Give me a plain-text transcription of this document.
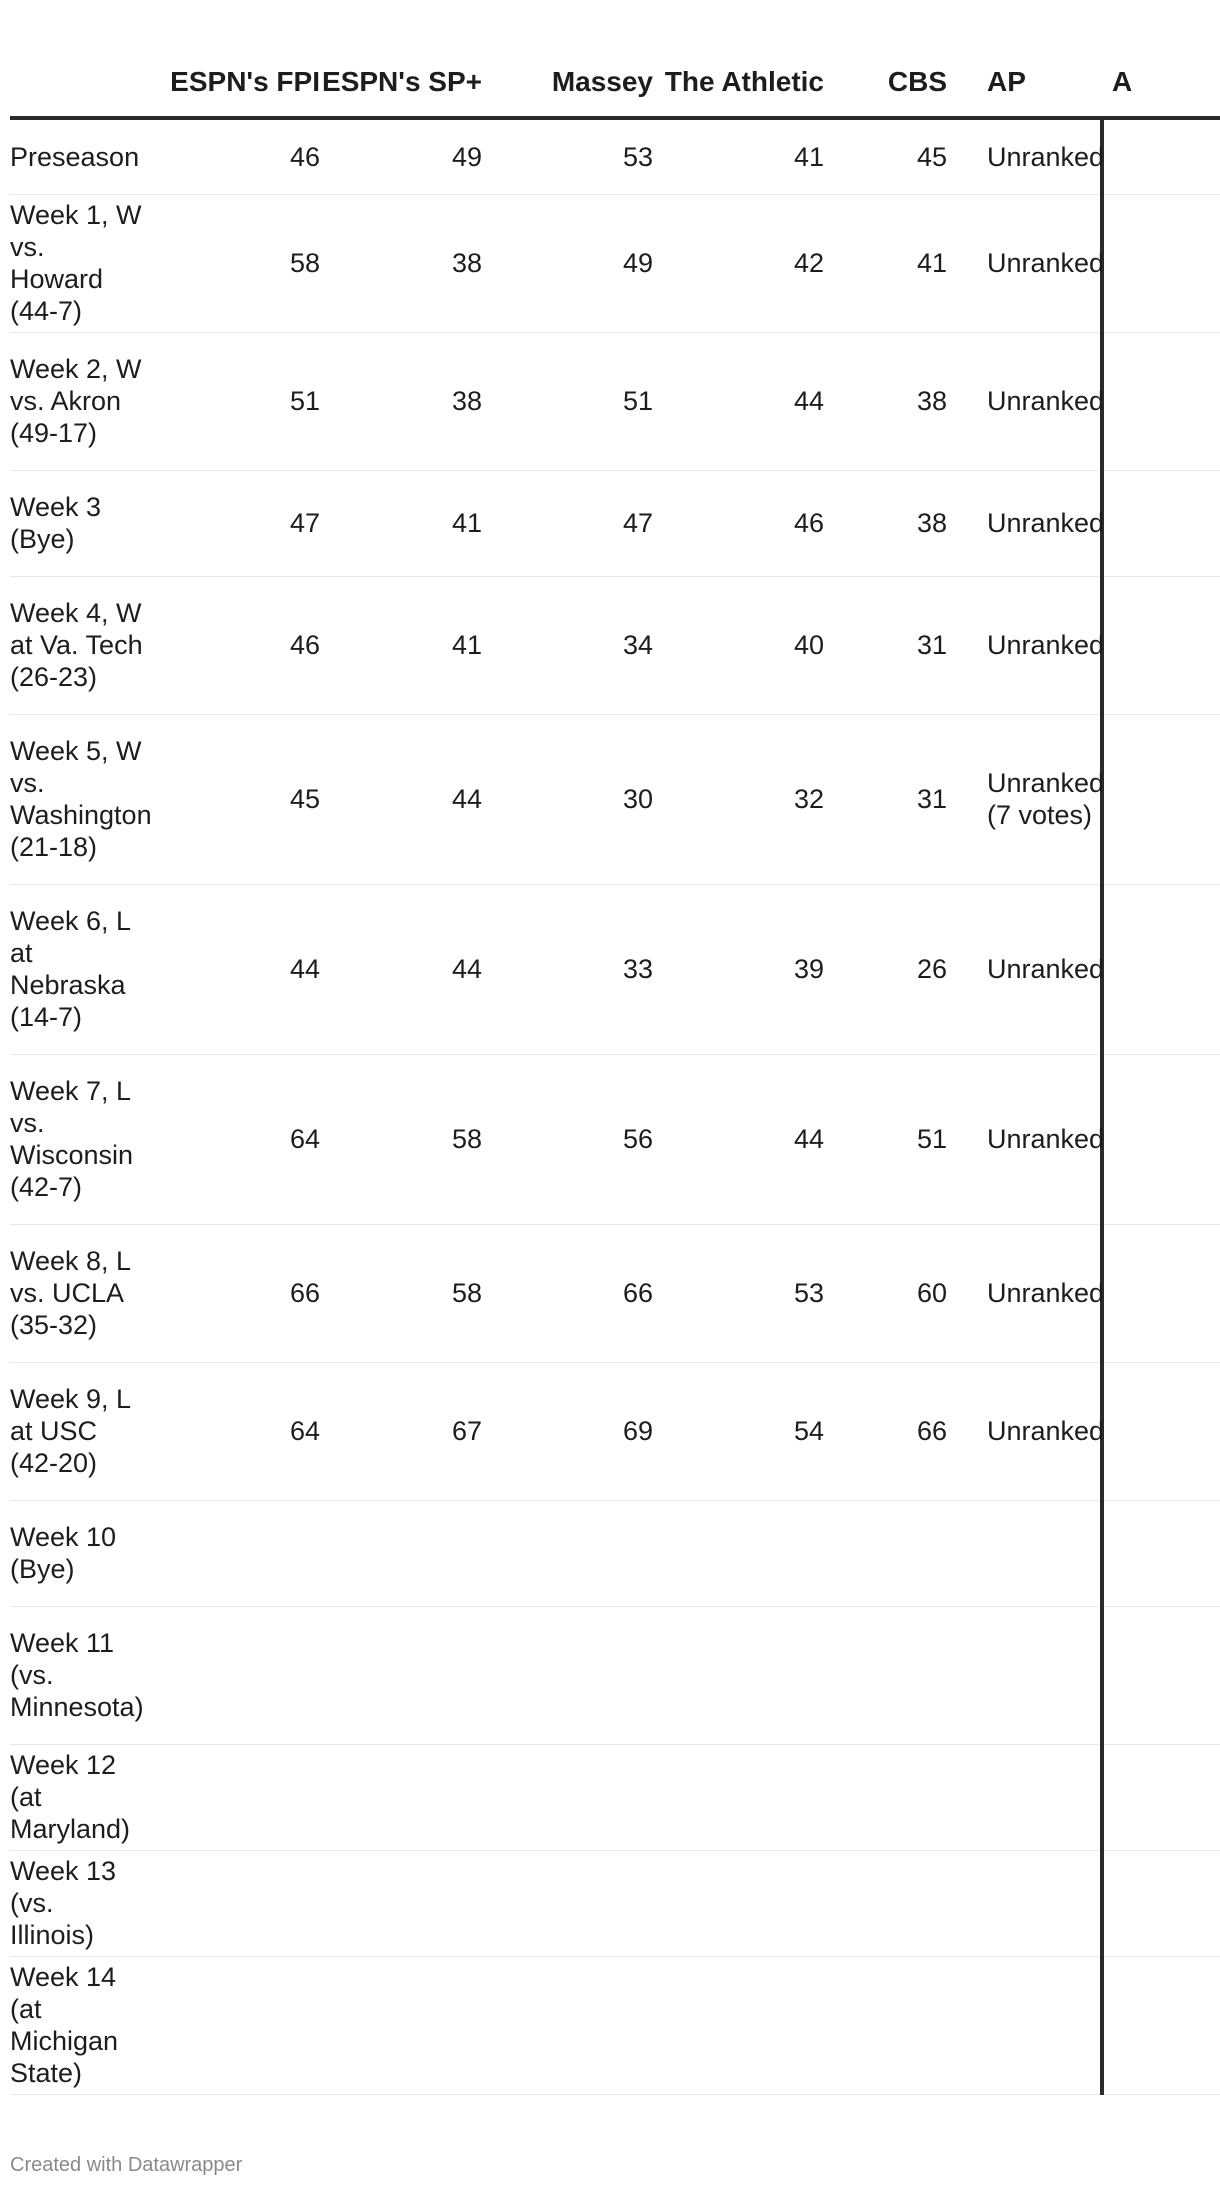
	ESPN's FPI	ESPN's SP+	Massey	The Athletic	CBS	AP	A
Preseason	46	49	53	41	45	Unranked	
Week 1, W vs. Howard (44-7)	58	38	49	42	41	Unranked	
Week 2, W vs. Akron (49-17)	51	38	51	44	38	Unranked	
Week 3 (Bye)	47	41	47	46	38	Unranked	
Week 4, W at Va. Tech (26-23)	46	41	34	40	31	Unranked	
Week 5, W vs. Washington (21-18)	45	44	30	32	31	Unranked (7 votes)	
Week 6, L at Nebraska (14-7)	44	44	33	39	26	Unranked	
Week 7, L vs. Wisconsin (42-7)	64	58	56	44	51	Unranked	
Week 8, L vs. UCLA (35-32)	66	58	66	53	60	Unranked	
Week 9, L at USC (42-20)	64	67	69	54	66	Unranked	
Week 10 (Bye)							
Week 11 (vs. Minnesota)							
Week 12 (at Maryland)							
Week 13 (vs. Illinois)							
Week 14 (at Michigan State)							
Created with Datawrapper
